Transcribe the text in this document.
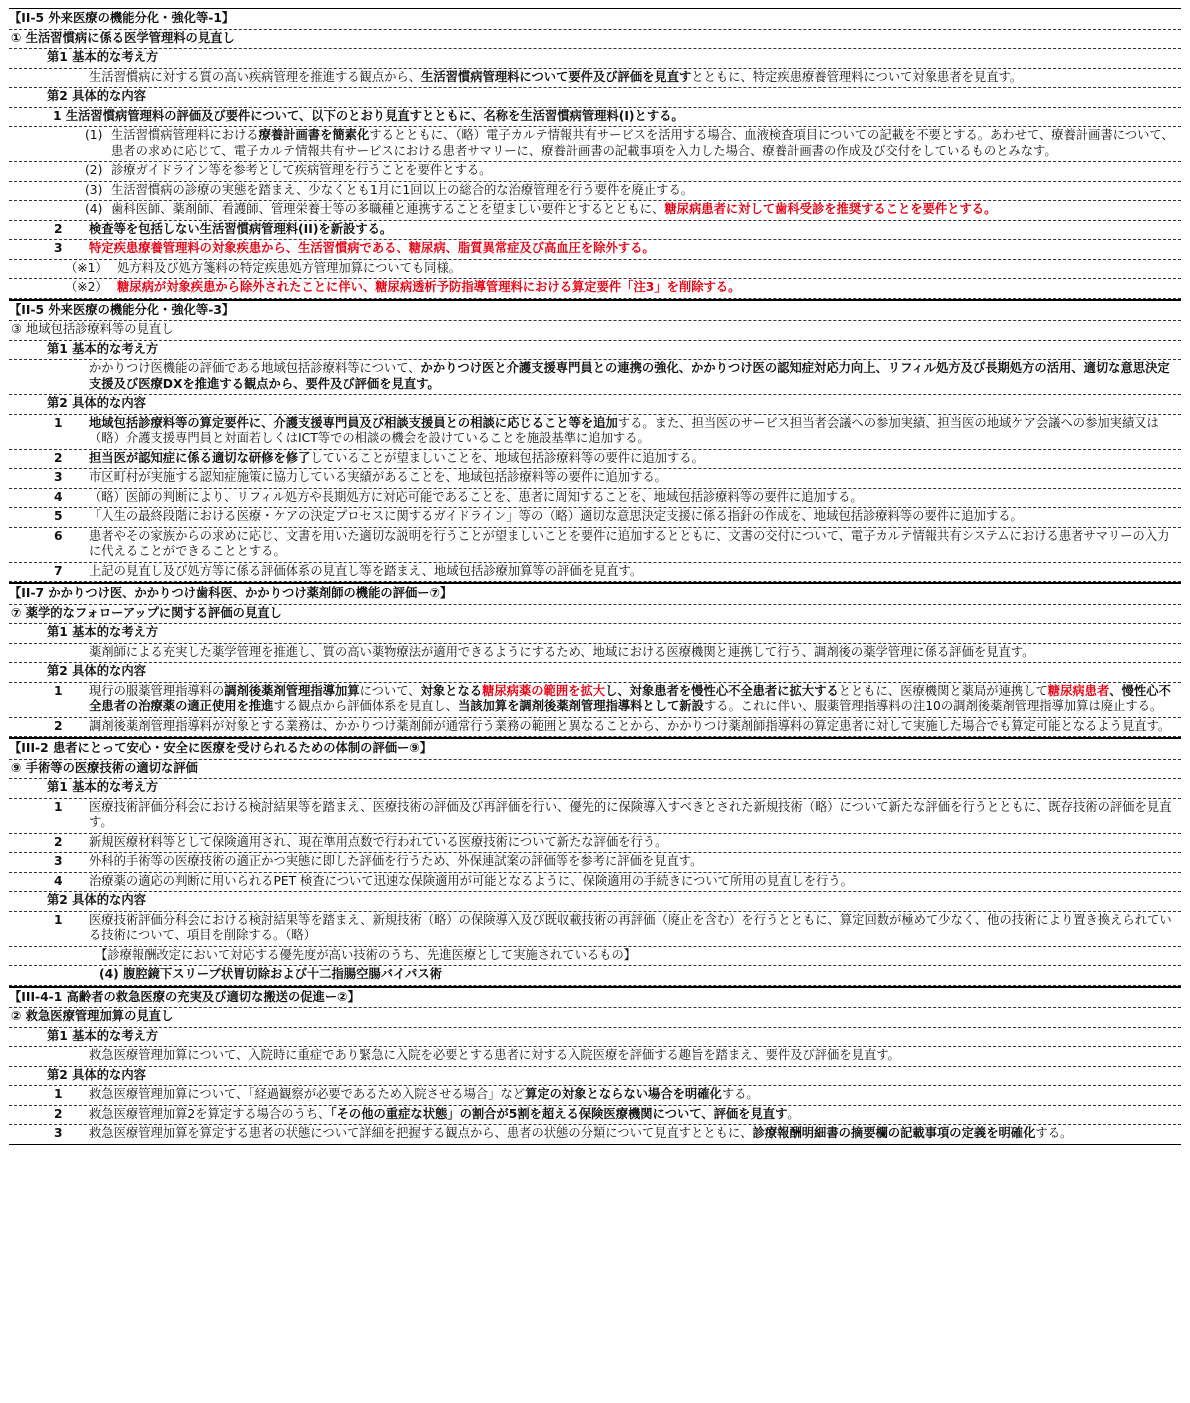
【II-5 外来医療の機能分化・強化等-1】
① 生活習慣病に係る医学管理料の見直し
第1 基本的な考え方
生活習慣病に対する質の高い疾病管理を推進する観点から、生活習慣病管理料について要件及び評価を見直すとともに、特定疾患療養管理料について対象患者を見直す。
第2 具体的な内容
1 生活習慣病管理料の評価及び要件について、以下のとおり見直すとともに、名称を生活習慣病管理料(I)とする。
(1) 生活習慣病管理料における療養計画書を簡素化するとともに、（略）電子カルテ情報共有サービスを活用する場合、血液検査項目についての記載を不要とする。あわせて、療養計画書について、患者の求めに応じて、電子カルテ情報共有サービスにおける患者サマリーに、療養計画書の記載事項を入力した場合、療養計画書の作成及び交付をしているものとみなす。
(2) 診療ガイドライン等を参考として疾病管理を行うことを要件とする。
(3) 生活習慣病の診療の実態を踏まえ、少なくとも1月に1回以上の総合的な治療管理を行う要件を廃止する。
(4) 歯科医師、薬剤師、看護師、管理栄養士等の多職種と連携することを望ましい要件とするとともに、糖尿病患者に対して歯科受診を推奨することを要件とする。
2 検査等を包括しない生活習慣病管理料(II)を新設する。
3 特定疾患療養管理料の対象疾患から、生活習慣病である、糖尿病、脂質異常症及び高血圧を除外する。
（※1） 処方料及び処方箋料の特定疾患処方管理加算についても同様。
（※2） 糖尿病が対象疾患から除外されたことに伴い、糖尿病透析予防指導管理料における算定要件「注3」を削除する。
【II-5 外来医療の機能分化・強化等-3】
③ 地域包括診療料等の見直し
第1 基本的な考え方
かかりつけ医機能の評価である地域包括診療料等について、かかりつけ医と介護支援専門員との連携の強化、かかりつけ医の認知症対応力向上、リフィル処方及び長期処方の活用、適切な意思決定支援及び医療DXを推進する観点から、要件及び評価を見直す。
第2 具体的な内容
1 地域包括診療料等の算定要件に、介護支援専門員及び相談支援員との相談に応じること等を追加する。また、担当医のサービス担当者会議への参加実績、担当医の地域ケア会議への参加実績又は（略）介護支援専門員と対面若しくはICT等での相談の機会を設けていることを施設基準に追加する。
2 担当医が認知症に係る適切な研修を修了していることが望ましいことを、地域包括診療料等の要件に追加する。
3 市区町村が実施する認知症施策に協力している実績があることを、地域包括診療料等の要件に追加する。
4 （略）医師の判断により、リフィル処方や長期処方に対応可能であることを、患者に周知することを、地域包括診療料等の要件に追加する。
5 「人生の最終段階における医療・ケアの決定プロセスに関するガイドライン」等の（略）適切な意思決定支援に係る指針の作成を、地域包括診療料等の要件に追加する。
6 患者やその家族からの求めに応じ、文書を用いた適切な説明を行うことが望ましいことを要件に追加するとともに、文書の交付について、電子カルテ情報共有システムにおける患者サマリーの入力に代えることができることとする。
7 上記の見直し及び処方等に係る評価体系の見直し等を踏まえ、地域包括診療加算等の評価を見直す。
【II-7 かかりつけ医、かかりつけ歯科医、かかりつけ薬剤師の機能の評価ー⑦】
⑦ 薬学的なフォローアップに関する評価の見直し
第1 基本的な考え方
薬剤師による充実した薬学管理を推進し、質の高い薬物療法が適用できるようにするため、地域における医療機関と連携して行う、調剤後の薬学管理に係る評価を見直す。
第2 具体的な内容
1 現行の服薬管理指導料の調剤後薬剤管理指導加算について、対象となる糖尿病薬の範囲を拡大し、対象患者を慢性心不全患者に拡大するとともに、医療機関と薬局が連携して糖尿病患者、慢性心不全患者の治療薬の適正使用を推進する観点から評価体系を見直し、当該加算を調剤後薬剤管理指導料として新設する。これに伴い、服薬管理指導料の注10の調剤後薬剤管理指導加算は廃止する。
2 調剤後薬剤管理指導料が対象とする業務は、かかりつけ薬剤師が通常行う業務の範囲と異なることから、かかりつけ薬剤師指導料の算定患者に対して実施した場合でも算定可能となるよう見直す。
【III-2 患者にとって安心・安全に医療を受けられるための体制の評価ー⑨】
⑨ 手術等の医療技術の適切な評価
第1 基本的な考え方
1 医療技術評価分科会における検討結果等を踏まえ、医療技術の評価及び再評価を行い、優先的に保険導入すべきとされた新規技術（略）について新たな評価を行うとともに、既存技術の評価を見直す。
2 新規医療材料等として保険適用され、現在準用点数で行われている医療技術について新たな評価を行う。
3 外科的手術等の医療技術の適正かつ実態に即した評価を行うため、外保連試案の評価等を参考に評価を見直す。
4 治療薬の適応の判断に用いられるPET 検査について迅速な保険適用が可能となるように、保険適用の手続きについて所用の見直しを行う。
第2 具体的な内容
1 医療技術評価分科会における検討結果等を踏まえ、新規技術（略）の保険導入及び既収載技術の再評価（廃止を含む）を行うとともに、算定回数が極めて少なく、他の技術により置き換えられている技術について、項目を削除する。（略）
【診療報酬改定において対応する優先度が高い技術のうち、先進医療として実施されているもの】
(4) 腹腔鏡下スリーブ状胃切除および十二指腸空腸バイパス術
【III-4-1 高齢者の救急医療の充実及び適切な搬送の促進ー②】
② 救急医療管理加算の見直し
第1 基本的な考え方
救急医療管理加算について、入院時に重症であり緊急に入院を必要とする患者に対する入院医療を評価する趣旨を踏まえ、要件及び評価を見直す。
第2 具体的な内容
1 救急医療管理加算について、「経過観察が必要であるため入院させる場合」など算定の対象とならない場合を明確化する。
2 救急医療管理加算2を算定する場合のうち、「その他の重症な状態」の割合が5割を超える保険医療機関について、評価を見直す。
3 救急医療管理加算を算定する患者の状態について詳細を把握する観点から、患者の状態の分類について見直すとともに、診療報酬明細書の摘要欄の記載事項の定義を明確化する。
